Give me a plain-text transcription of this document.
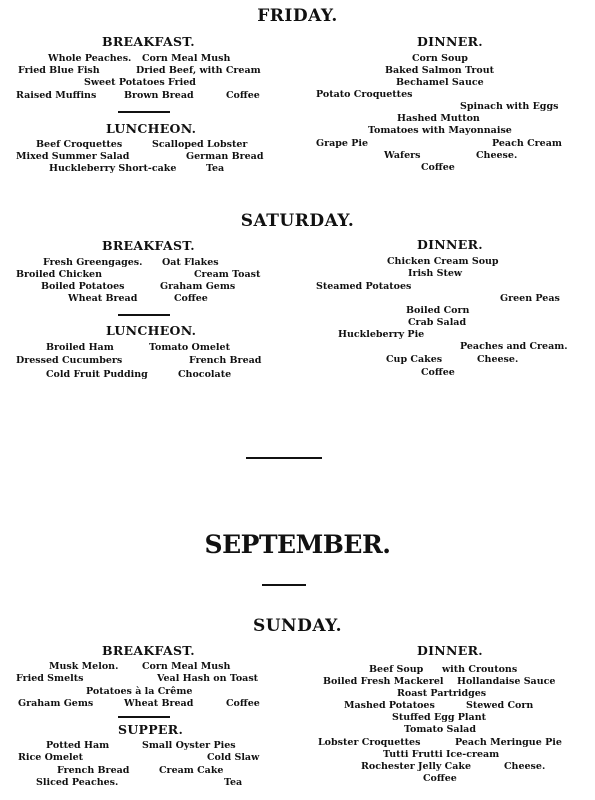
FRIDAY.
BREAKFAST.
Whole Peaches. Corn Meal Mush
Fried Blue Fish	Dried Beef, with Cream
Sweet Potatoes Fried
Raised Muffins	Brown Bread	Coffee
LUNCHEON.
Beef Croquettes	Scalloped Lobster
Mixed Summer Salad	German Bread
Huckleberry Short-cake	Tea
DINNER.
Corn Soup
Baked Salmon Trout
Bechamel Sauce
Potato Croquettes
Spinach with Eggs
Hashed Mutton
Tomatoes with Mayonnaise
Grape Pie	Peach Cream
Wafers	Cheese.
Coffee
SATURDAY.
BREAKFAST.
Fresh Greengages. Oat Flakes
Broiled Chicken	Cream Toast
Boiled Potatoes	Graham Gems
Wheat Bread	Coffee
LUNCHEON.
Broiled Ham	Tomato Omelet
Dressed Cucumbers	French Bread
Cold Fruit Pudding	Chocolate
DINNER.
Chicken Cream Soup
Irish Stew
Steamed Potatoes
Green Peas
Boiled Corn
Crab Salad
Huckleberry Pie
Peaches and Cream.
Cup Cakes	Cheese.
Coffee
SEPTEMBER.
SUNDAY.
BREAKFAST.
Musk Melon. Corn Meal Mush
Fried Smelts	Veal Hash on Toast
Potatoes à la Crême
Graham Gems	Wheat Bread	Coffee
SUPPER.
Potted Ham	Small Oyster Pies
Rice Omelet	Cold Slaw
French Bread	Cream Cake
Sliced Peaches.	Tea
DINNER.
Beef Soup with Croutons
Boiled Fresh Mackerel Hollandaise Sauce
Roast Partridges
Mashed Potatoes	Stewed Corn
Stuffed Egg Plant
Tomato Salad
Lobster Croquettes	Peach Meringue Pie
Tutti Frutti Ice-cream
Rochester Jelly Cake	Cheese.
Coffee
